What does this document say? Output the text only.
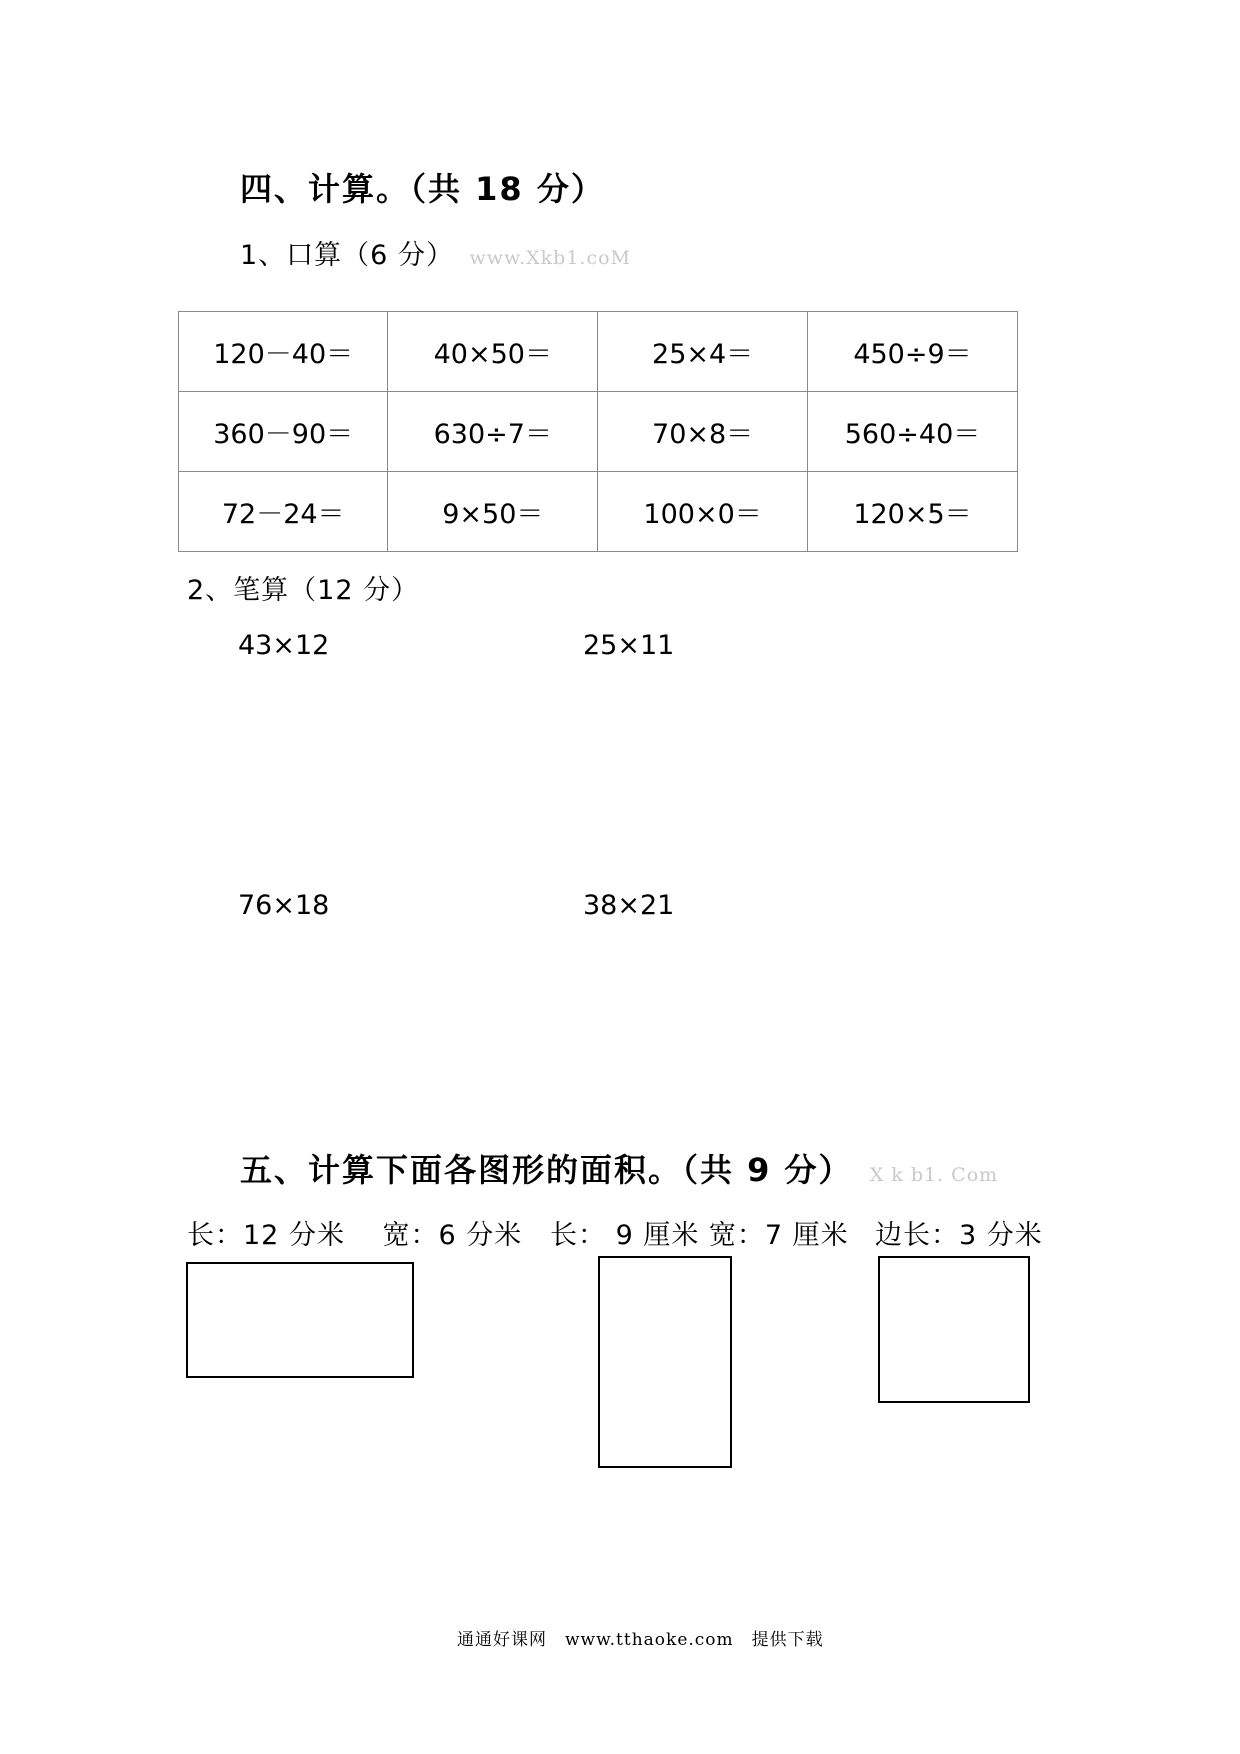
四、计算。（共 18 分）
1、口算（6 分） www.Xkb1.coM
120－40＝	40×50＝	25×4＝	450÷9＝
360－90＝	630÷7＝	70×8＝	560÷40＝
72－24＝	9×50＝	100×0＝	120×5＝
2、笔算（12 分）
43×12	25×11
76×18	38×21
五、计算下面各图形的面积。（共 9 分） X k b1. Com
长：12 分米　 宽：6 分米 长： 9 厘米 宽：7 厘米 边长：3 分米
通通好课网　www.tthaoke.com　提供下载
